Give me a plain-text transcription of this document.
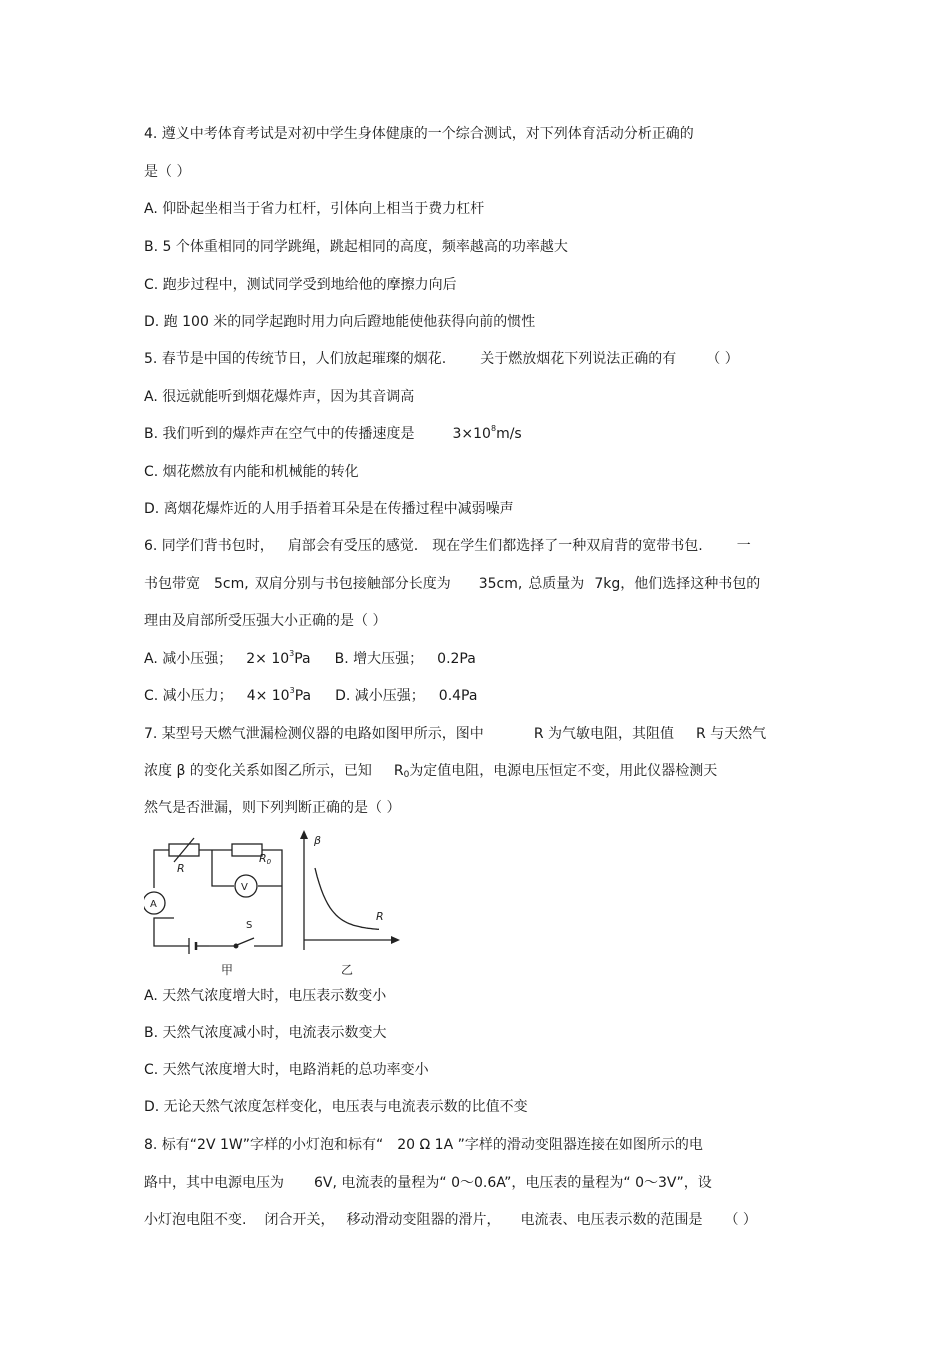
4. 遵义中考体育考试是对初中学生身体健康的一个综合测试，对下列体育活动分析正确的
是（ ）
A. 仰卧起坐相当于省力杠杆，引体向上相当于费力杠杆
B. 5 个体重相同的同学跳绳，跳起相同的高度，频率越高的功率越大
C. 跑步过程中，测试同学受到地给他的摩擦力向后
D. 跑 100 米的同学起跑时用力向后蹬地能使他获得向前的惯性
5. 春节是中国的传统节日，人们放起璀璨的烟花. 关于燃放烟花下列说法正确的有 （ ）
A. 很远就能听到烟花爆炸声，因为其音调高
B. 我们听到的爆炸声在空气中的传播速度是	$3\times 10^8m/s$
C. 烟花燃放有内能和机械能的转化
D. 离烟花爆炸近的人用手捂着耳朵是在传播过程中减弱噪声
6. 同学们背书包时， 肩部会有受压的感觉. 现在学生们都选择了一种双肩背的宽带书包. 一
书包带宽 5cm, 双肩分别与书包接触部分长度为 35cm, 总质量为 7kg，他们选择这种书包的
理由及肩部所受压强大小正确的是（ ）
A. 减小压强； $2\times 10^3Pa$ B. 增大压强； 0.2Pa
C. 减小压力； $4\times 10^3Pa$ D. 减小压强； 0.4Pa
7. 某型号天燃气泄漏检测仪器的电路如图甲所示，图中	R 为气敏电阻，其阻值 R 与天然气
浓度 β 的变化关系如图乙所示，已知 $R_0$为定值电阻，电源电压恒定不变，用此仪器检测天
然气是否泄漏，则下列判断正确的是（ ）
R
R0
V
A
S
甲
β
R
乙
A. 天然气浓度增大时，电压表示数变小
B. 天然气浓度减小时，电流表示数变大
C. 天然气浓度增大时，电路消耗的总功率变小
D. 无论天然气浓度怎样变化，电压表与电流表示数的比值不变
8. 标有“2V 1W”字样的小灯泡和标有“ 20 Ω 1A ”字样的滑动变阻器连接在如图所示的电
路中，其中电源电压为 6V, 电流表的量程为“ 0～0.6A”，电压表的量程为“ 0～3V”，设
小灯泡电阻不变. 闭合开关， 移动滑动变阻器的滑片， 电流表、电压表示数的范围是 （ ）
